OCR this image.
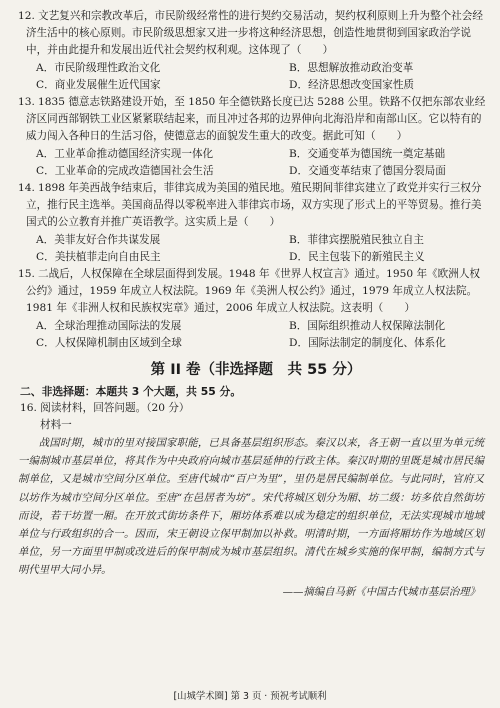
12. 文艺复兴和宗教改革后，市民阶级经常性的进行契约交易活动，契约权利原则上升为整个社会经济生活中的核心原则。市民阶级思想家又进一步将这种经济思想，创造性地贯彻到国家政治学说中，并由此提升和发展出近代社会契约权利观。这体现了（　　）
A．市民阶级理性政治文化	B．思想解放推动政治变革
C．商业发展催生近代国家	D．经济思想改变国家性质
13. 1835 德意志铁路建设开始，至 1850 年全德铁路长度已达 5288 公里。铁路不仅把东部农业经济区同西部钢铁工业区紧紧联结起来，而且冲过各邦的边界伸向北海沿岸和南部山区。它以特有的威力闯入各种日的生活习俗，使德意志的面貌发生重大的改变。据此可知（　　）
A．工业革命推动德国经济实现一体化	B．交通变革为德国统一奠定基础
C．工业革命的完成改造德国社会生活	D．交通变革结束了德国分裂局面
14. 1898 年美西战争结束后，菲律宾成为美国的殖民地。殖民期间菲律宾建立了政党并实行三权分立，推行民主选举。美国商品得以零税率进入菲律宾市场，双方实现了形式上的平等贸易。推行美国式的公立教育并推广英语教学。这实质上是（　　）
A．美菲友好合作共谋发展	B．菲律宾摆脱殖民独立自主
C．美扶植菲走向自由民主	D．民主包装下的新殖民主义
15. 二战后，人权保障在全球层面得到发展。1948 年《世界人权宣言》通过。1950 年《欧洲人权公约》通过，1959 年成立人权法院。1969 年《美洲人权公约》通过，1979 年成立人权法院。1981 年《非洲人权和民族权宪章》通过，2006 年成立人权法院。这表明（　　）
A．全球治理推动国际法的发展	B．国际组织推动人权保障法制化
C．人权保障机制由区域到全球	D．国际法制定的制度化、体系化
第 II 卷（非选择题　共 55 分）
二、非选择题：本题共 3 个大题，共 55 分。
16. 阅读材料，回答问题。（20 分）
材料一
战国时期，城市的里对接国家职能，已具备基层组织形态。秦汉以来，各王朝一直以里为单元统一编制城市基层单位，将其作为中央政府向城市基层延伸的行政主体。秦汉时期的里既是城市居民编制单位，又是城市空间分区单位。至唐代城市“百户为里”，里仍是居民编制单位。与此同时，官府又以坊作为城市空间分区单位。至唐“在邑居者为坊”。宋代将城区划分为厢、坊二级：坊多依自然街坊而设，若干坊置一厢。在开放式街坊条件下，厢坊体系难以成为稳定的组织单位，无法实现城市地域单位与行政组织的合一。因而，宋王朝设立保甲制加以补救。明清时期，一方面将厢坊作为地域区划单位，另一方面里甲制或改进后的保甲制成为城市基层组织。清代在城乡实施的保甲制，编制方式与明代里甲大同小异。
——摘编自马新《中国古代城市基层治理》
[山城学术圈] 第 3 页 · 预祝考试顺利
